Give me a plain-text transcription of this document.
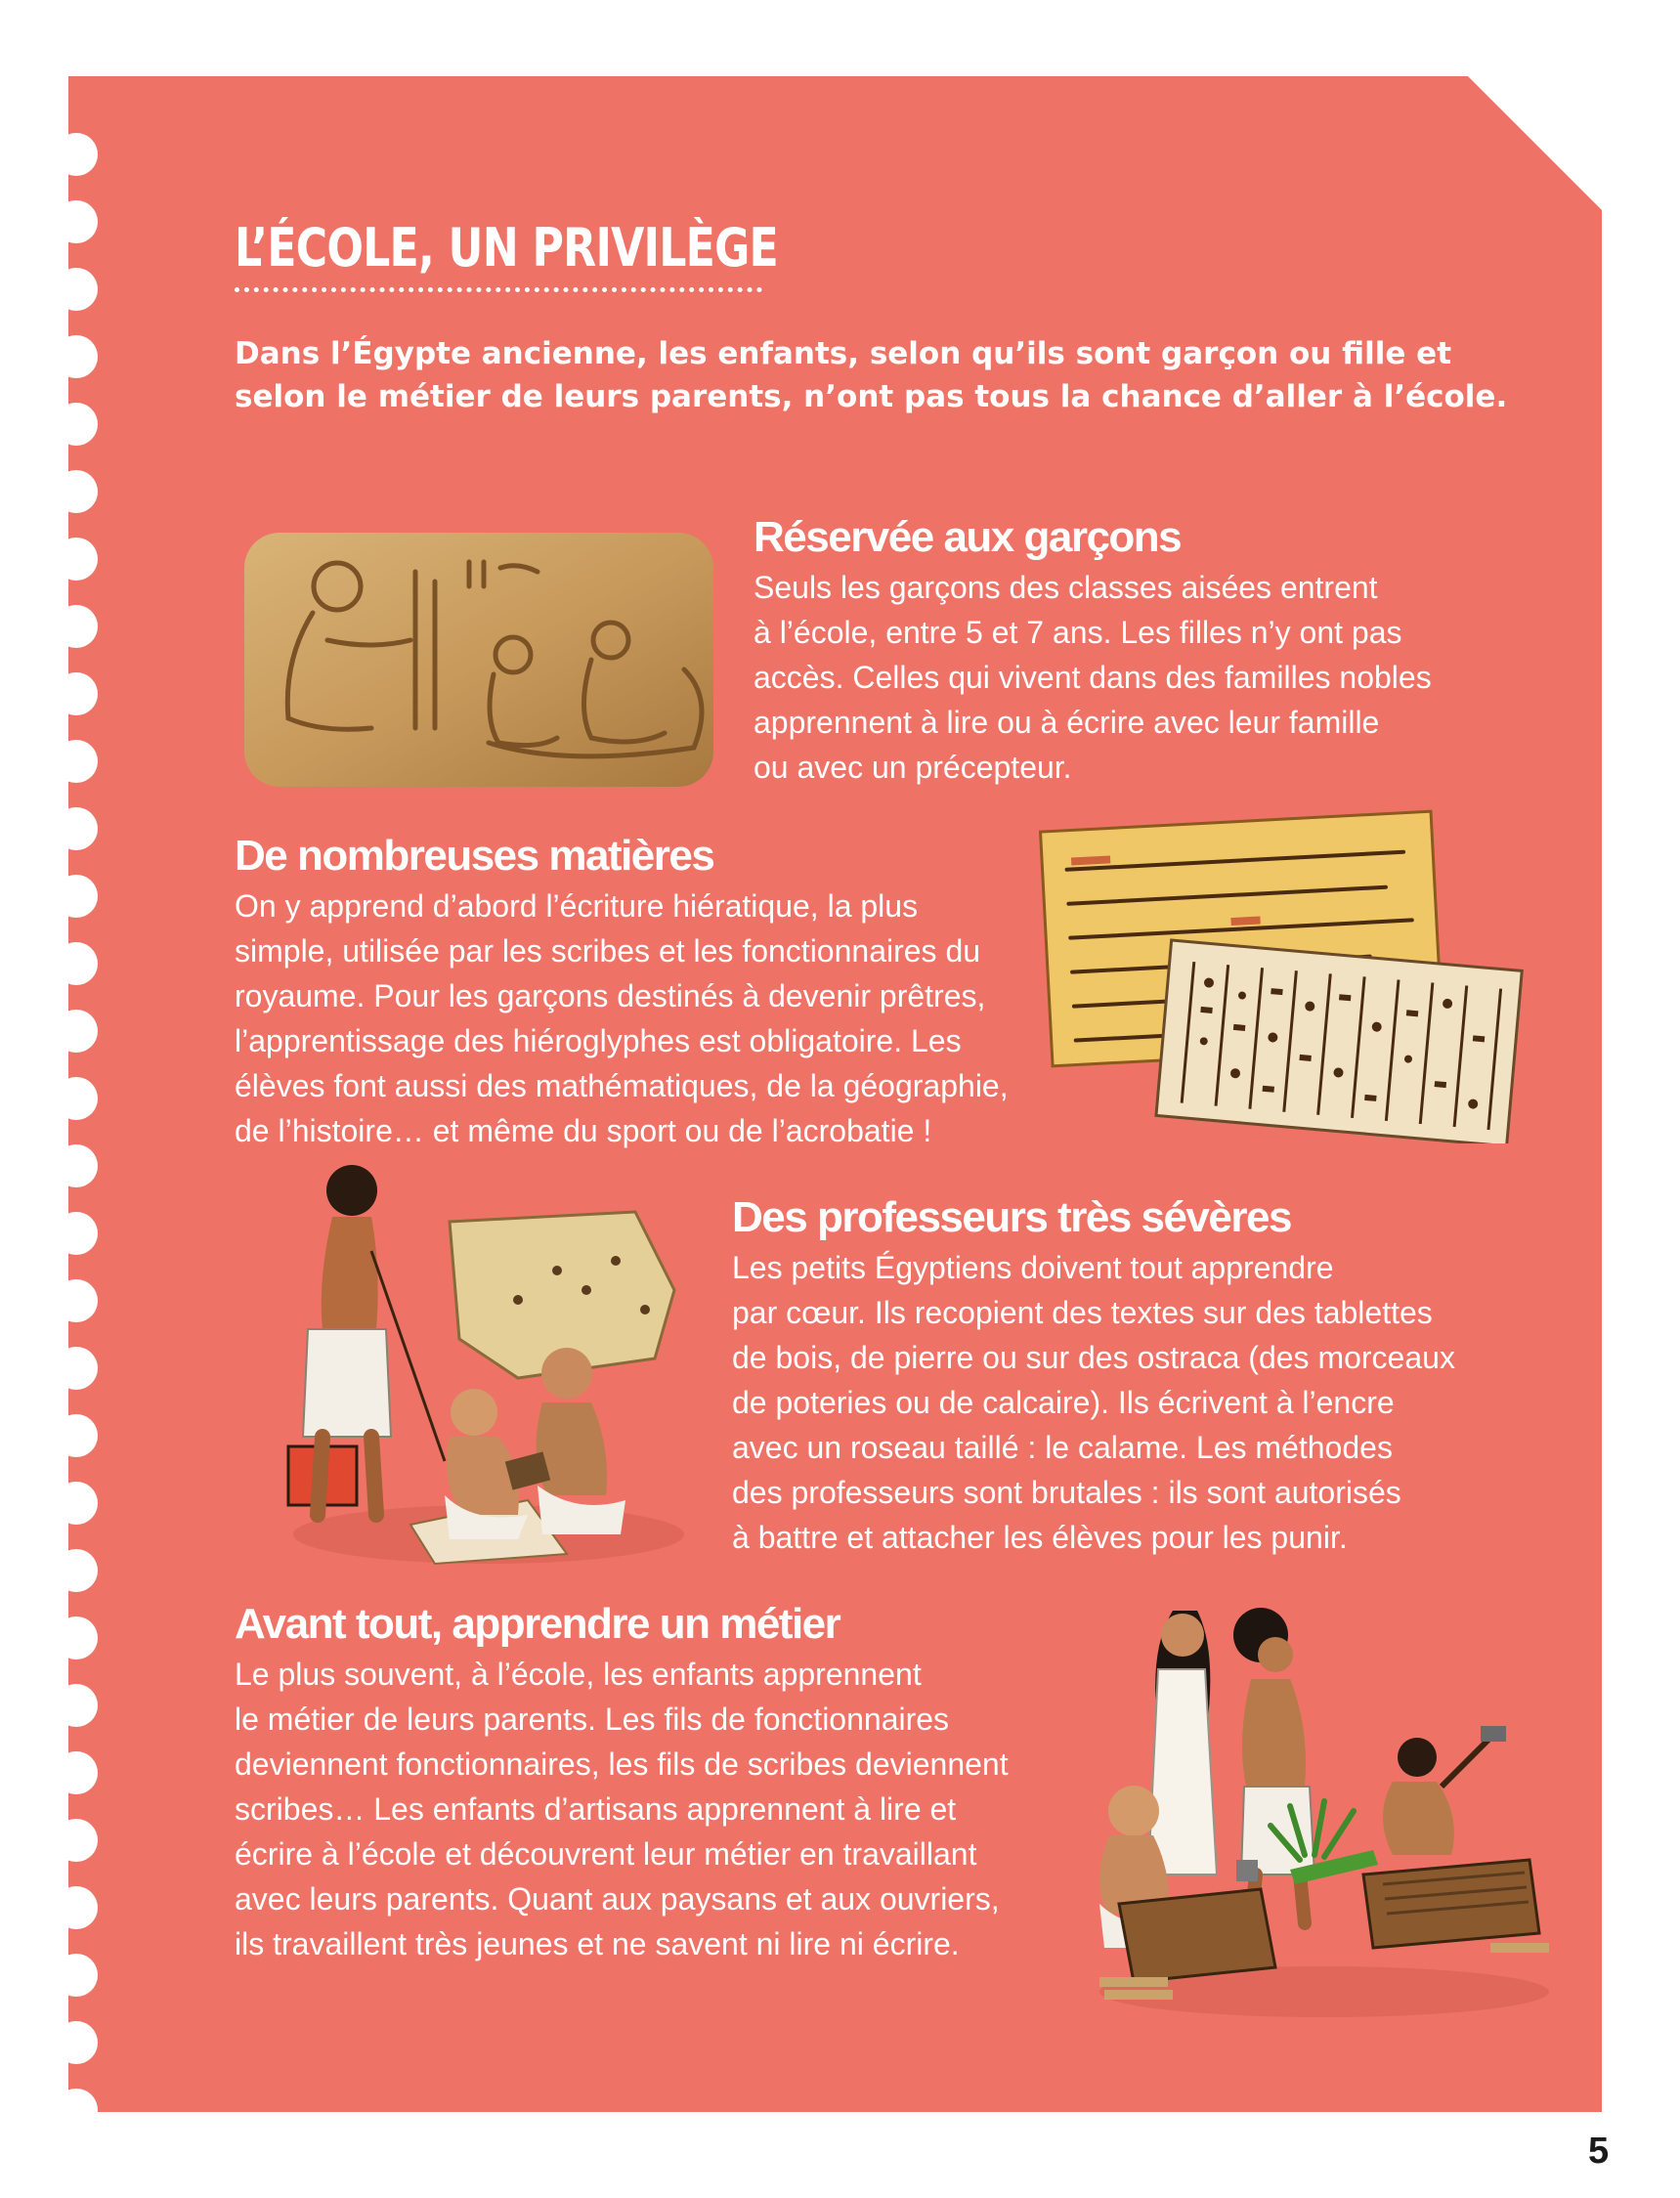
L’ÉCOLE, UN PRIVILÈGE
Dans l’Égypte ancienne, les enfants, selon qu’ils sont garçon ou fille et
selon le métier de leurs parents, n’ont pas tous la chance d’aller à l’école.
Réservée aux garçons

Seuls les garçons des classes aisées entrent
à l’école, entre 5 et 7 ans. Les filles n’y ont pas
accès. Celles qui vivent dans des familles nobles
apprennent à lire ou à écrire avec leur famille
ou avec un précepteur.

De nombreuses matières

On y apprend d’abord l’écriture hiératique, la plus
simple, utilisée par les scribes et les fonctionnaires du
royaume. Pour les garçons destinés à devenir prêtres,
l’apprentissage des hiéroglyphes est obligatoire. Les
élèves font aussi des mathématiques, de la géographie,
de l’histoire… et même du sport ou de l’acrobatie !

Des professeurs très sévères

Les petits Égyptiens doivent tout apprendre
par cœur. Ils recopient des textes sur des tablettes
de bois, de pierre ou sur des ostraca (des morceaux
de poteries ou de calcaire). Ils écrivent à l’encre
avec un roseau taillé : le calame. Les méthodes
des professeurs sont brutales : ils sont autorisés
à battre et attacher les élèves pour les punir.

Avant tout, apprendre un métier

Le plus souvent, à l’école, les enfants apprennent
le métier de leurs parents. Les fils de fonctionnaires
deviennent fonctionnaires, les fils de scribes deviennent
scribes… Les enfants d’artisans apprennent à lire et
écrire à l’école et découvrent leur métier en travaillant
avec leurs parents. Quant aux paysans et aux ouvriers,
ils travaillent très jeunes et ne savent ni lire ni écrire.

5
